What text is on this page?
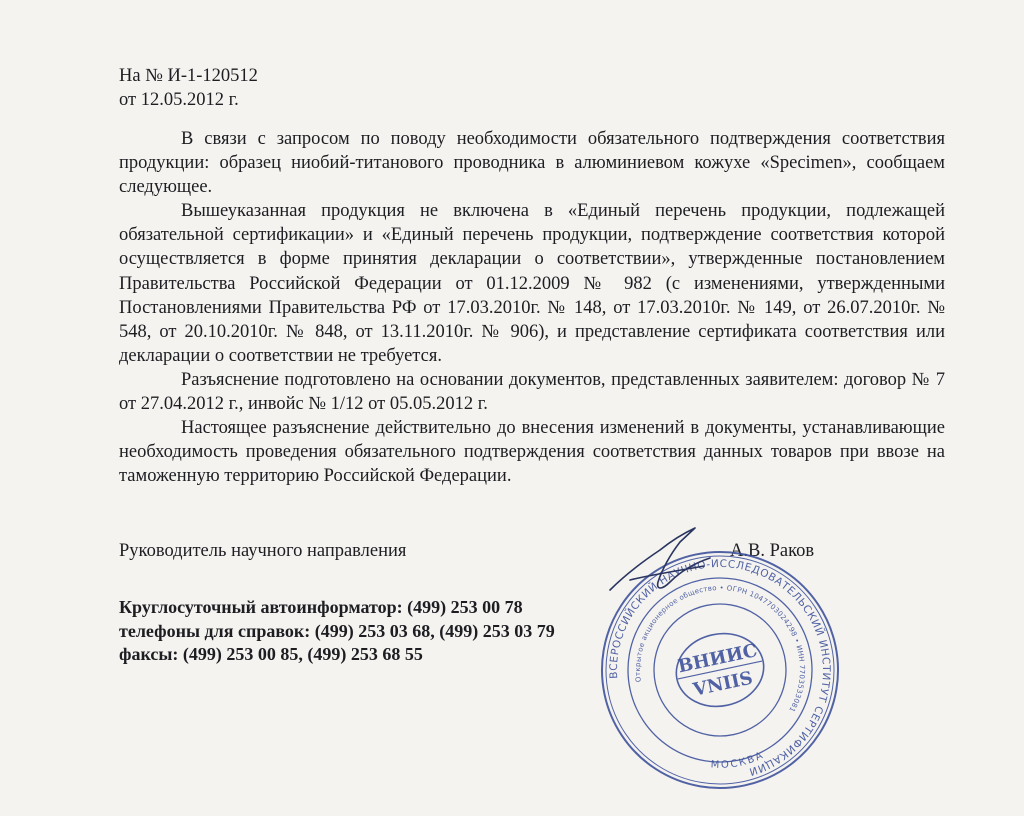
На № И-1-120512
от 12.05.2012 г.

В связи с запросом по поводу необходимости обязательного подтверждения соответствия продукции: образец ниобий-титанового проводника в алюминиевом кожухе «Specimen», сообщаем следующее.

Вышеуказанная продукция не включена в «Единый перечень продукции, подлежащей обязательной сертификации» и «Единый перечень продукции, подтверждение соответствия которой осуществляется в форме принятия декларации о соответствии», утвержденные постановлением Правительства Российской Федерации от 01.12.2009 № 982 (с изменениями, утвержденными Постановлениями Правительства РФ от 17.03.2010г. № 148, от 17.03.2010г. № 149, от 26.07.2010г. № 548, от 20.10.2010г. № 848, от 13.11.2010г. № 906), и представление сертификата соответствия или декларации о соответствии не требуется.

Разъяснение подготовлено на основании документов, представленных заявителем: договор № 7 от 27.04.2012 г., инвойс № 1/12 от 05.05.2012 г.

Настоящее разъяснение действительно до внесения изменений в документы, устанавливающие необходимость проведения обязательного подтверждения соответствия данных товаров при ввозе на таможенную территорию Российской Федерации.

Руководитель научного направления	А.В. Раков
Круглосуточный автоинформатор: (499) 253 00 78
телефоны для справок: (499) 253 03 68, (499) 253 03 79
факсы: (499) 253 00 85, (499) 253 68 55
ВСЕРОССИЙСКИЙ НАУЧНО-ИССЛЕДОВАТЕЛЬСКИЙ ИНСТИТУТ СЕРТИФИКАЦИИ
Открытое акционерное общество • ОГРН 1047703024298 • ИНН 7703533081
МОСКВА
ВНИИС
VNIIS
